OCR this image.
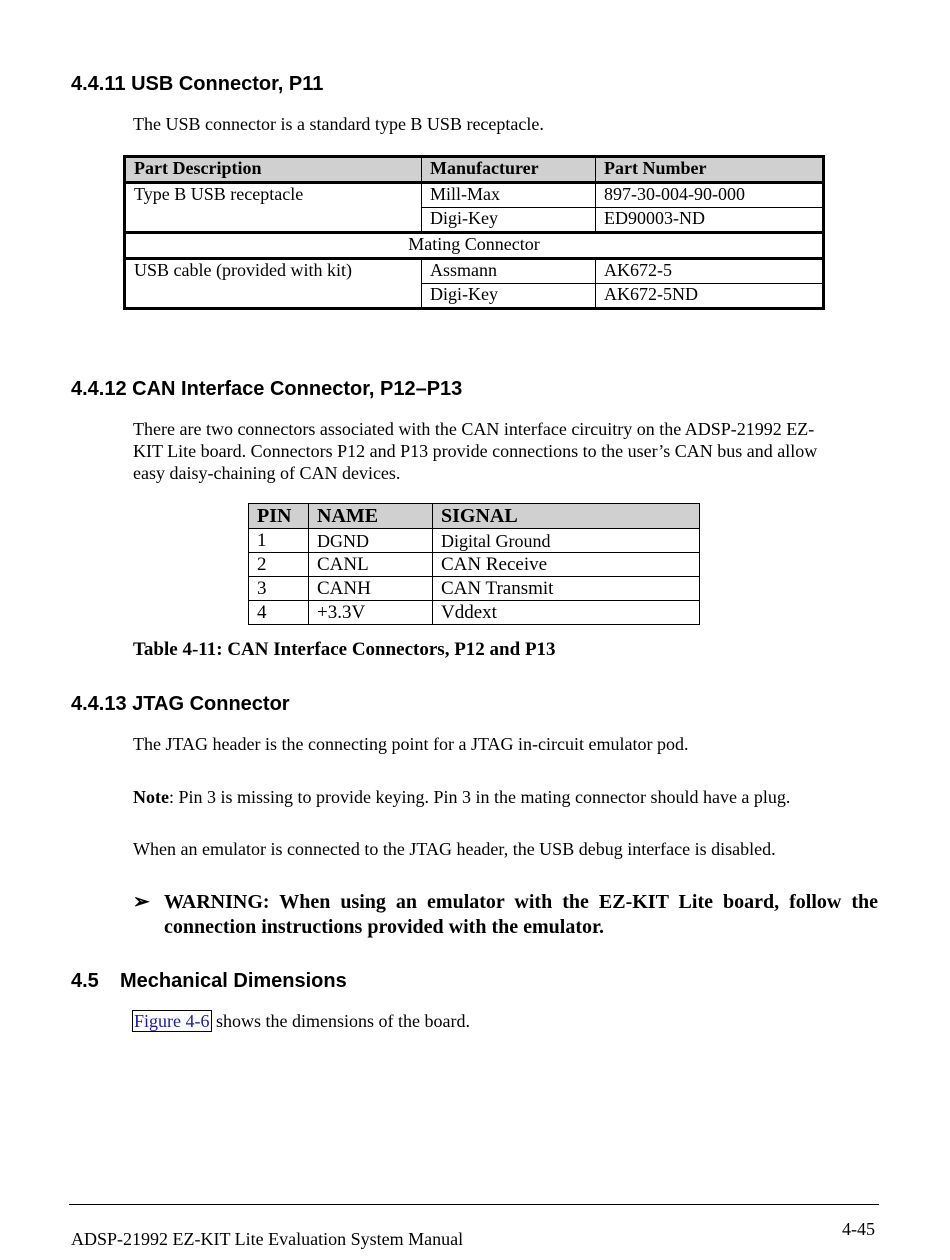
4.4.11 USB Connector, P11

The USB connector is a standard type B USB receptacle.

Part Description	Manufacturer	Part Number
Type B USB receptacle	Mill-Max	897-30-004-90-000
	Digi-Key	ED90003-ND
Mating Connector		
USB cable (provided with kit)	Assmann	AK672-5
	Digi-Key	AK672-5ND
4.4.12 CAN Interface Connector, P12–P13

There are two connectors associated with the CAN interface circuitry on the ADSP-21992 EZ-
KIT Lite board. Connectors P12 and P13 provide connections to the user’s CAN bus and allow
easy daisy-chaining of CAN devices.

PIN	NAME	SIGNAL
1	DGND	Digital Ground
2	CANL	CAN Receive
3	CANH	CAN Transmit
4	+3.3V	Vddext

Table 4-11: CAN Interface Connectors, P12 and P13

4.4.13 JTAG Connector

The JTAG header is the connecting point for a JTAG in-circuit emulator pod.

Note: Pin 3 is missing to provide keying. Pin 3 in the mating connector should have a plug.

When an emulator is connected to the JTAG header, the USB debug interface is disabled.

➢ WARNING: When using an emulator with the EZ-KIT Lite board, follow the connection instructions provided with the emulator.
4.5 Mechanical Dimensions

Figure 4-6 shows the dimensions of the board.

ADSP-21992 EZ-KIT Lite Evaluation System Manual	4-45
